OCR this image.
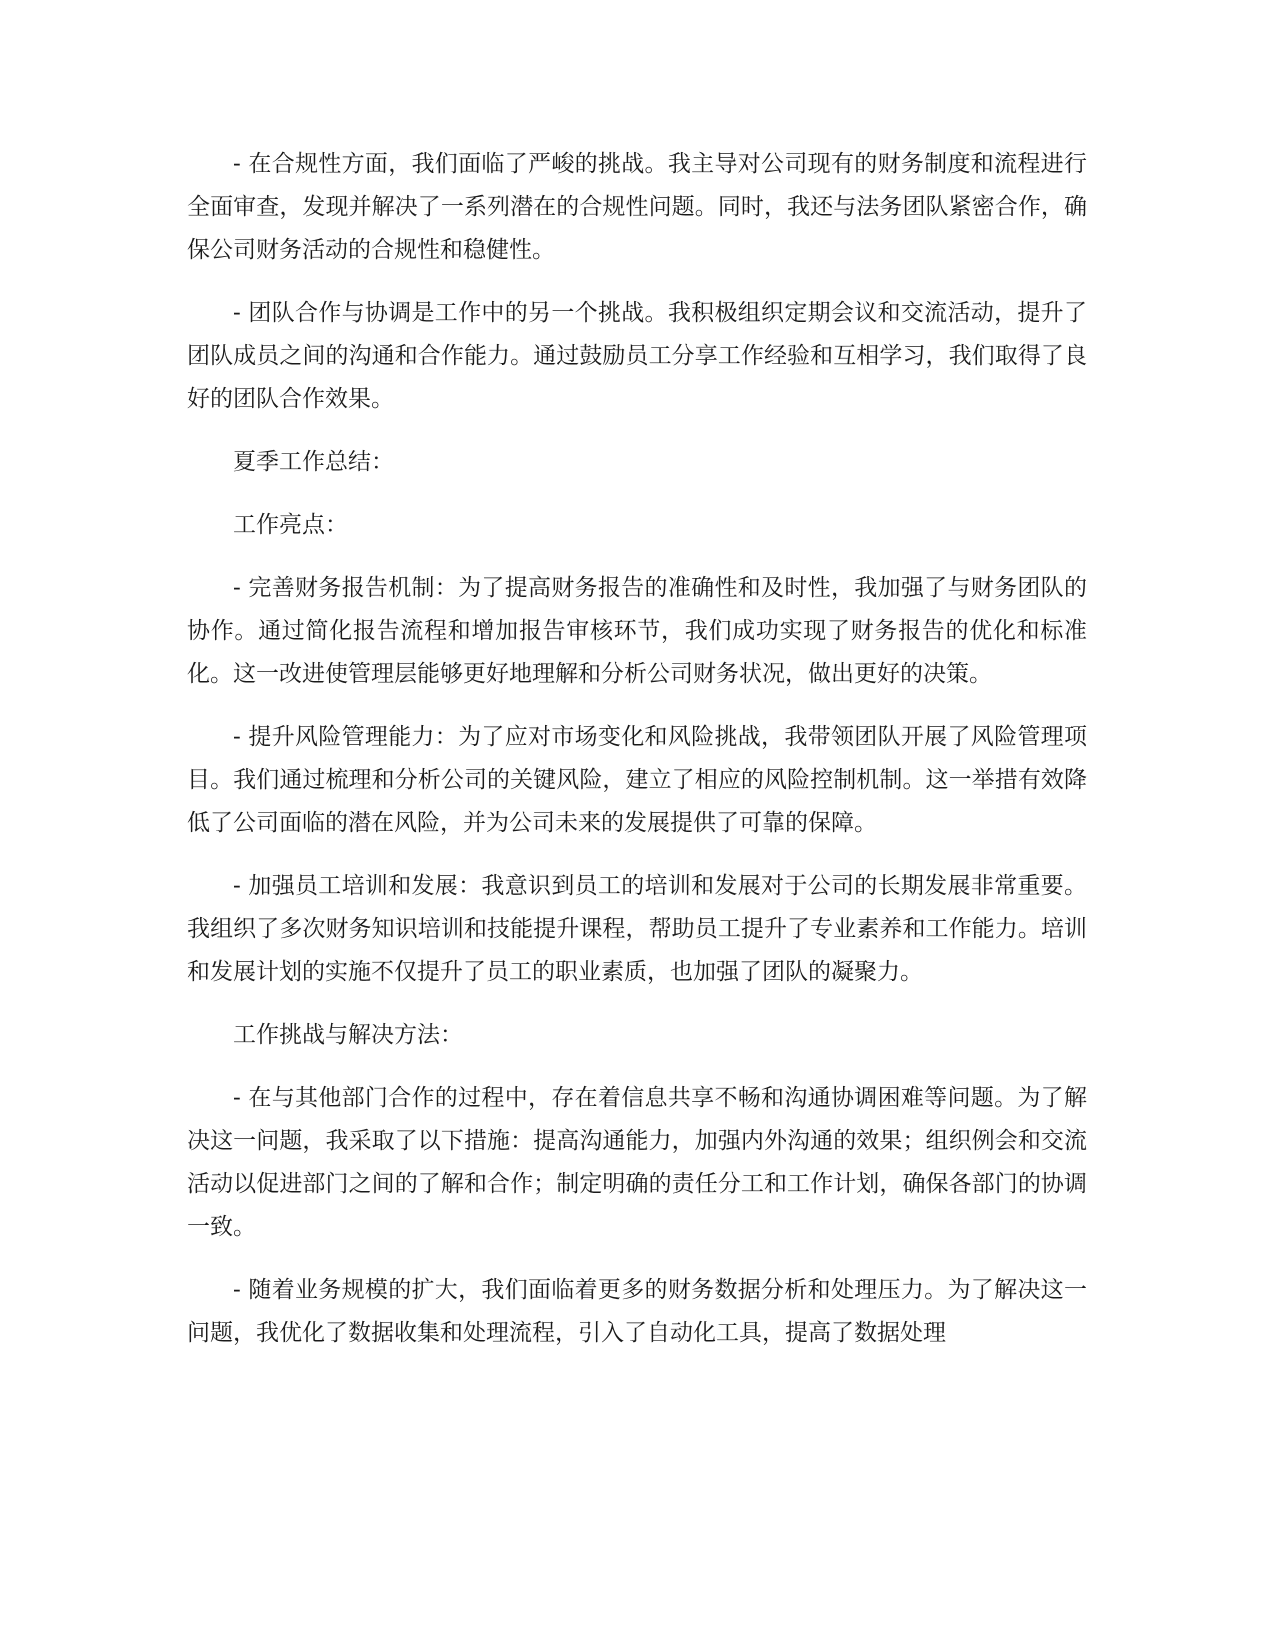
- 在合规性方面，我们面临了严峻的挑战。我主导对公司现有的财务制度和流程进行全面审查，发现并解决了一系列潜在的合规性问题。同时，我还与法务团队紧密合作，确保公司财务活动的合规性和稳健性。

- 团队合作与协调是工作中的另一个挑战。我积极组织定期会议和交流活动，提升了团队成员之间的沟通和合作能力。通过鼓励员工分享工作经验和互相学习，我们取得了良好的团队合作效果。

夏季工作总结：

工作亮点：

- 完善财务报告机制：为了提高财务报告的准确性和及时性，我加强了与财务团队的协作。通过简化报告流程和增加报告审核环节，我们成功实现了财务报告的优化和标准化。这一改进使管理层能够更好地理解和分析公司财务状况，做出更好的决策。

- 提升风险管理能力：为了应对市场变化和风险挑战，我带领团队开展了风险管理项目。我们通过梳理和分析公司的关键风险，建立了相应的风险控制机制。这一举措有效降低了公司面临的潜在风险，并为公司未来的发展提供了可靠的保障。

- 加强员工培训和发展：我意识到员工的培训和发展对于公司的长期发展非常重要。我组织了多次财务知识培训和技能提升课程，帮助员工提升了专业素养和工作能力。培训和发展计划的实施不仅提升了员工的职业素质，也加强了团队的凝聚力。

工作挑战与解决方法：

- 在与其他部门合作的过程中，存在着信息共享不畅和沟通协调困难等问题。为了解决这一问题，我采取了以下措施：提高沟通能力，加强内外沟通的效果；组织例会和交流活动以促进部门之间的了解和合作；制定明确的责任分工和工作计划，确保各部门的协调一致。

- 随着业务规模的扩大，我们面临着更多的财务数据分析和处理压力。为了解决这一问题，我优化了数据收集和处理流程，引入了自动化工具，提高了数据处理
